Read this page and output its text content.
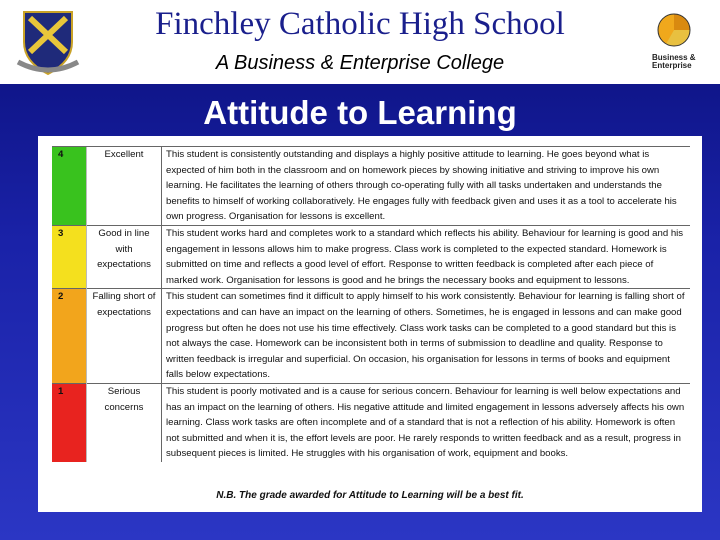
Finchley Catholic High School
A Business & Enterprise College	Business &
Enterprise
Attitude to Learning
4	Excellent	This student is consistently outstanding and displays a highly positive attitude to learning. He goes beyond what is expected of him both in the classroom and on homework pieces by showing initiative and striving to improve his own learning. He facilitates the learning of others through co-operating fully with all tasks undertaken and understands the benefits to himself of working collaboratively. He engages fully with feedback given and uses it as a tool to accelerate his own progress. Organisation for lessons is excellent.
3	Good in line with expectations	This student works hard and completes work to a standard which reflects his ability. Behaviour for learning is good and his engagement in lessons allows him to make progress. Class work is completed to the expected standard. Homework is submitted on time and reflects a good level of effort. Response to written feedback is completed after each piece of marked work. Organisation for lessons is good and he brings the necessary books and equipment to lessons.
2	Falling short of expectations	This student can sometimes find it difficult to apply himself to his work consistently. Behaviour for learning is falling short of expectations and can have an impact on the learning of others. Sometimes, he is engaged in lessons and can make good progress but often he does not use his time effectively. Class work tasks can be completed to a good standard but this is not always the case. Homework can be inconsistent both in terms of submission to deadline and quality. Response to written feedback is irregular and superficial. On occasion, his organisation for lessons in terms of books and equipment falls below expectations.
1	Serious concerns	This student is poorly motivated and is a cause for serious concern. Behaviour for learning is well below expectations and has an impact on the learning of others. His negative attitude and limited engagement in lessons adversely affects his own learning. Class work tasks are often incomplete and of a standard that is not a reflection of his ability. Homework is often not submitted and when it is, the effort levels are poor. He rarely responds to written feedback and as a result, progress in subsequent pieces is limited. He struggles with his organisation of work, equipment and books.
N.B. The grade awarded for Attitude to Learning will be a best fit.
